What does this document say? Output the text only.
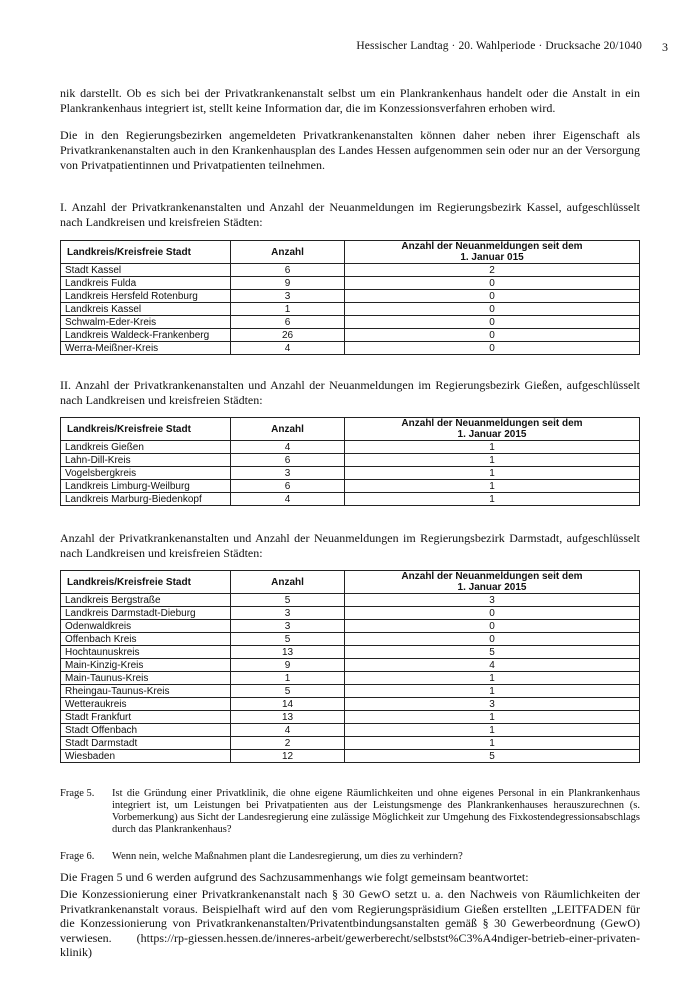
Hessischer Landtag · 20. Wahlperiode · Drucksache 20/1040 3

nik darstellt. Ob es sich bei der Privatkrankenanstalt selbst um ein Plankrankenhaus handelt oder die Anstalt in ein Plankrankenhaus integriert ist, stellt keine Information dar, die im Konzessionsverfahren erhoben wird.

Die in den Regierungsbezirken angemeldeten Privatkrankenanstalten können daher neben ihrer Eigenschaft als Privatkrankenanstalten auch in den Krankenhausplan des Landes Hessen aufgenommen sein oder nur an der Versorgung von Privatpatientinnen und Privatpatienten teilnehmen.

I. Anzahl der Privatkrankenanstalten und Anzahl der Neuanmeldungen im Regierungsbezirk Kassel, aufgeschlüsselt nach Landkreisen und kreisfreien Städten:

Landkreis/Kreisfreie Stadt	Anzahl	Anzahl der Neuanmeldungen seit dem
1. Januar 015
Stadt Kassel	6	2
Landkreis Fulda	9	0
Landkreis Hersfeld Rotenburg	3	0
Landkreis Kassel	1	0
Schwalm-Eder-Kreis	6	0
Landkreis Waldeck-Frankenberg	26	0
Werra-Meißner-Kreis	4	0

II. Anzahl der Privatkrankenanstalten und Anzahl der Neuanmeldungen im Regierungsbezirk Gießen, aufgeschlüsselt nach Landkreisen und kreisfreien Städten:

Landkreis/Kreisfreie Stadt	Anzahl	Anzahl der Neuanmeldungen seit dem
1. Januar 2015
Landkreis Gießen	4	1
Lahn-Dill-Kreis	6	1
Vogelsbergkreis	3	1
Landkreis Limburg-Weilburg	6	1
Landkreis Marburg-Biedenkopf	4	1

Anzahl der Privatkrankenanstalten und Anzahl der Neuanmeldungen im Regierungsbezirk Darmstadt, aufgeschlüsselt nach Landkreisen und kreisfreien Städten:

Landkreis/Kreisfreie Stadt	Anzahl	Anzahl der Neuanmeldungen seit dem
1. Januar 2015
Landkreis Bergstraße	5	3
Landkreis Darmstadt-Dieburg	3	0
Odenwaldkreis	3	0
Offenbach Kreis	5	0
Hochtaunuskreis	13	5
Main-Kinzig-Kreis	9	4
Main-Taunus-Kreis	1	1
Rheingau-Taunus-Kreis	5	1
Wetteraukreis	14	3
Stadt Frankfurt	13	1
Stadt Offenbach	4	1
Stadt Darmstadt	2	1
Wiesbaden	12	5
Frage 5. Ist die Gründung einer Privatklinik, die ohne eigene Räumlichkeiten und ohne eigenes Personal in ein Plankrankenhaus integriert ist, um Leistungen bei Privatpatienten aus der Leistungsmenge des Plankrankenhauses herauszurechnen (s. Vorbemerkung) aus Sicht der Landesregierung eine zulässige Möglichkeit zur Umgehung des Fixkostendegressionsabschlags durch das Plankrankenhaus?
Frage 6. Wenn nein, welche Maßnahmen plant die Landesregierung, um dies zu verhindern?

Die Fragen 5 und 6 werden aufgrund des Sachzusammenhangs wie folgt gemeinsam beantwortet:

Die Konzessionierung einer Privatkrankenanstalt nach § 30 GewO setzt u. a. den Nachweis von Räumlichkeiten der Privatkrankenanstalt voraus. Beispielhaft wird auf den vom Regierungspräsidium Gießen erstellten „LEITFADEN für die Konzessionierung von Privatkrankenanstalten/Privatentbindungsanstalten gemäß § 30 Gewerbeordnung (GewO) verwiesen. (https://rp-giessen.hessen.de/inneres-arbeit/gewerberecht/selbstst%C3%A4ndiger-betrieb-einer-privaten-klinik)
